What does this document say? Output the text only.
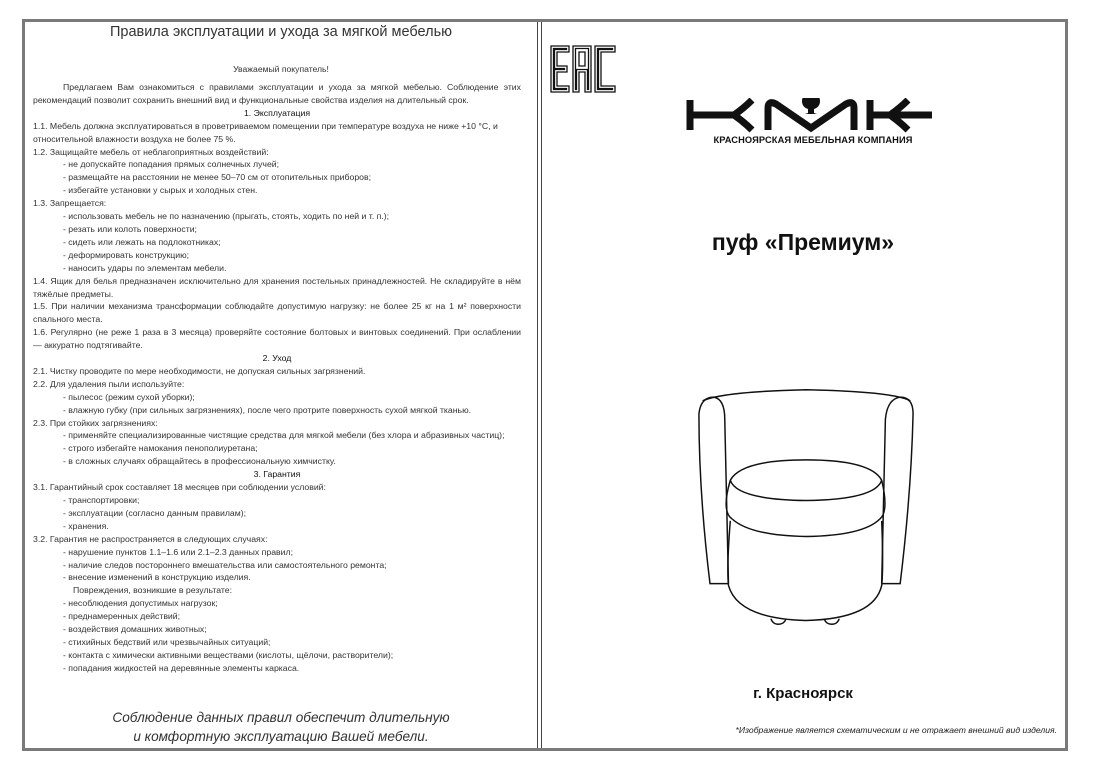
Правила эксплуатации и ухода за мягкой мебелью
Уважаемый покупатель!

Предлагаем Вам ознакомиться с правилами эксплуатации и ухода за мягкой мебелью. Соблюдение этих рекомендаций позволит сохранить внешний вид и функциональные свойства изделия на длительный срок.

1. Эксплуатация

1.1. Мебель должна эксплуатироваться в проветриваемом помещении при температуре воздуха не ниже +10 °C, и относительной влажности воздуха не более 75 %.

1.2. Защищайте мебель от неблагоприятных воздействий:

- не допускайте попадания прямых солнечных лучей;

- размещайте на расстоянии не менее 50–70 см от отопительных приборов;

- избегайте установки у сырых и холодных стен.

1.3. Запрещается:

- использовать мебель не по назначению (прыгать, стоять, ходить по ней и т. п.);

- резать или колоть поверхности;

- сидеть или лежать на подлокотниках;

- деформировать конструкцию;

- наносить удары по элементам мебели.

1.4. Ящик для белья предназначен исключительно для хранения постельных принадлежностей. Не складируйте в нём тяжёлые предметы.

1.5. При наличии механизма трансформации соблюдайте допустимую нагрузку: не более 25 кг на 1 м² поверхности спального места.

1.6. Регулярно (не реже 1 раза в 3 месяца) проверяйте состояние болтовых и винтовых соединений. При ослаблении — аккуратно подтягивайте.

2. Уход

2.1. Чистку проводите по мере необходимости, не допуская сильных загрязнений.

2.2. Для удаления пыли используйте:

- пылесос (режим сухой уборки);

- влажную губку (при сильных загрязнениях), после чего протрите поверхность сухой мягкой тканью.

2.3. При стойких загрязнениях:

- применяйте специализированные чистящие средства для мягкой мебели (без хлора и абразивных частиц);

- строго избегайте намокания пенополиуретана;

- в сложных случаях обращайтесь в профессиональную химчистку.

3. Гарантия

3.1. Гарантийный срок составляет 18 месяцев при соблюдении условий:

- транспортировки;

- эксплуатации (согласно данным правилам);

- хранения.

3.2. Гарантия не распространяется в следующих случаях:

- нарушение пунктов 1.1–1.6 или 2.1–2.3 данных правил;

- наличие следов постороннего вмешательства или самостоятельного ремонта;

- внесение изменений в конструкцию изделия.

Повреждения, возникшие в результате:

- несоблюдения допустимых нагрузок;

- преднамеренных действий;

- воздействия домашних животных;

- стихийных бедствий или чрезвычайных ситуаций;

- контакта с химически активными веществами (кислоты, щёлочи, растворители);

- попадания жидкостей на деревянные элементы каркаса.

Соблюдение данных правил обеспечит длительную
и комфортную эксплуатацию Вашей мебели.
КРАСНОЯРСКАЯ МЕБЕЛЬНАЯ КОМПАНИЯ
пуф «Премиум»
г. Красноярск
*Изображение является схематическим и не отражает внешний вид изделия.
